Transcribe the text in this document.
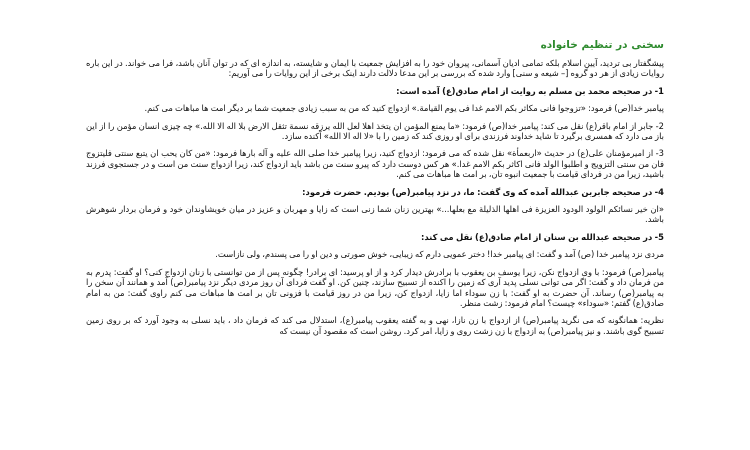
سخنی در تنظیم خانواده

پیشگفتار بی تردید، آیین اسلام بلکه تمامی ادیان آسمانی، پیروان خود را به افزایش جمعیت با ایمان و شایسته، به اندازه ای که در توان آنان باشد، فرا می خواند. در این باره روایات زیادی از هر دو گروه [– شیعه و سنی] وارد شده که بررسی بر این مدعا دلالت دارند اینک برخی از این روایات را می آوریم:

1- در صحیحه محمد بن مسلم به روایت از امام صادق(ع) آمده است:

پیامبر خدا(ص) فرمود: «تزوجوا فانی مکاثر بکم الامم غدا فی یوم القیامة.» ازدواج کنید که من به سبب زیادی جمعیت شما بر دیگر امت ها مباهات می کنم.

2- جابر از امام باقر(ع) نقل می کند: پیامبر خدا(ص) فرمود: «ما یمنع المؤمن ان یتخذ اهلا لعل الله یرزقه نسمة تثقل الارض بلا اله الا الله.» چه چیزی انسان مؤمن را از این باز می دارد که همسری برگیرد تا شاید خداوند فرزندی برای او روزی کند که زمین را با «لا اله الا الله» آکنده سازد.

3- از امیرمؤمنان علی(ع) در حدیث «اربعمأة» نقل شده که می فرمود: ازدواج کنید، زیرا پیامبر خدا صلی الله علیه و آله بارها فرمود: «من کان یحب ان یتبع سنتی فلیتزوج فان من سنتی التزویج و اطلبوا الولد فانی اکاثر بکم الامم غدا.» هر کس دوست دارد که پیرو سنت من باشد باید ازدواج کند، زیرا ازدواج سنت من است و در جستجوی فرزند باشید، زیرا من در فردای قیامت با جمعیت انبوه تان، بر امت ها مباهات می کنم.

4- در صحیحه جابربن عبدالله آمده که وی گفت: ما، در نزد پیامبر(ص) بودیم. حضرت فرمود:

«ان خیر نسائکم الولود الودود العزیزة فی اهلها الذلیلة مع بعلها...» بهترین زنان شما زنی است که زایا و مهربان و عزیز در میان خویشاوندان خود و فرمان بردار شوهرش باشد.

5- در صحیحه عبدالله بن سنان از امام صادق(ع) نقل می کند:

مردی نزد پیامبر خدا (ص) آمد و گفت: ای پیامبر خدا! دختر عمویی دارم که زیبایی، خوش صورتی و دین او را می پسندم، ولی نازاست.

پیامبر(ص) فرمود: با وی ازدواج نکن، زیرا یوسف بن یعقوب با برادرش دیدار کرد و از او پرسید: ای برادر! چگونه پس از من توانستی با زنان ازدواج کنی؟ او گفت: پدرم به من فرمان داد و گفت: اگر می توانی نسلی پدید آری که زمین را اکنده از تسبیح سازند، چنین کن. او گفت فردای آن روز مردی دیگر نزد پیامبر(ص) آمد و همانند آن سخن را به پیامبر(ص) رساند. آن حضرت به او گفت: با زن سوداء اما زایا، ازدواج کن، زیرا من در روز قیامت با فزونی تان بر امت ها مباهات می کنم راوی گفت: من به امام صادق(ع) گفتم: «سوداء» چیست؟ امام فرمود: زشت منظر.

نظریه: همانگونه که می نگرید پیامبر(ص) از ازدواج با زن نازا، نهی و به گفته یعقوب پیامبر(ع)، استدلال می کند که فرمان داد ، باید نسلی به وجود آورد که بر روی زمین تسبیح گوی باشند. و نیز پیامبر(ص) به ازدواج با زن زشت روی و زایا، امر کرد. روشن است که مقصود آن نیست که
